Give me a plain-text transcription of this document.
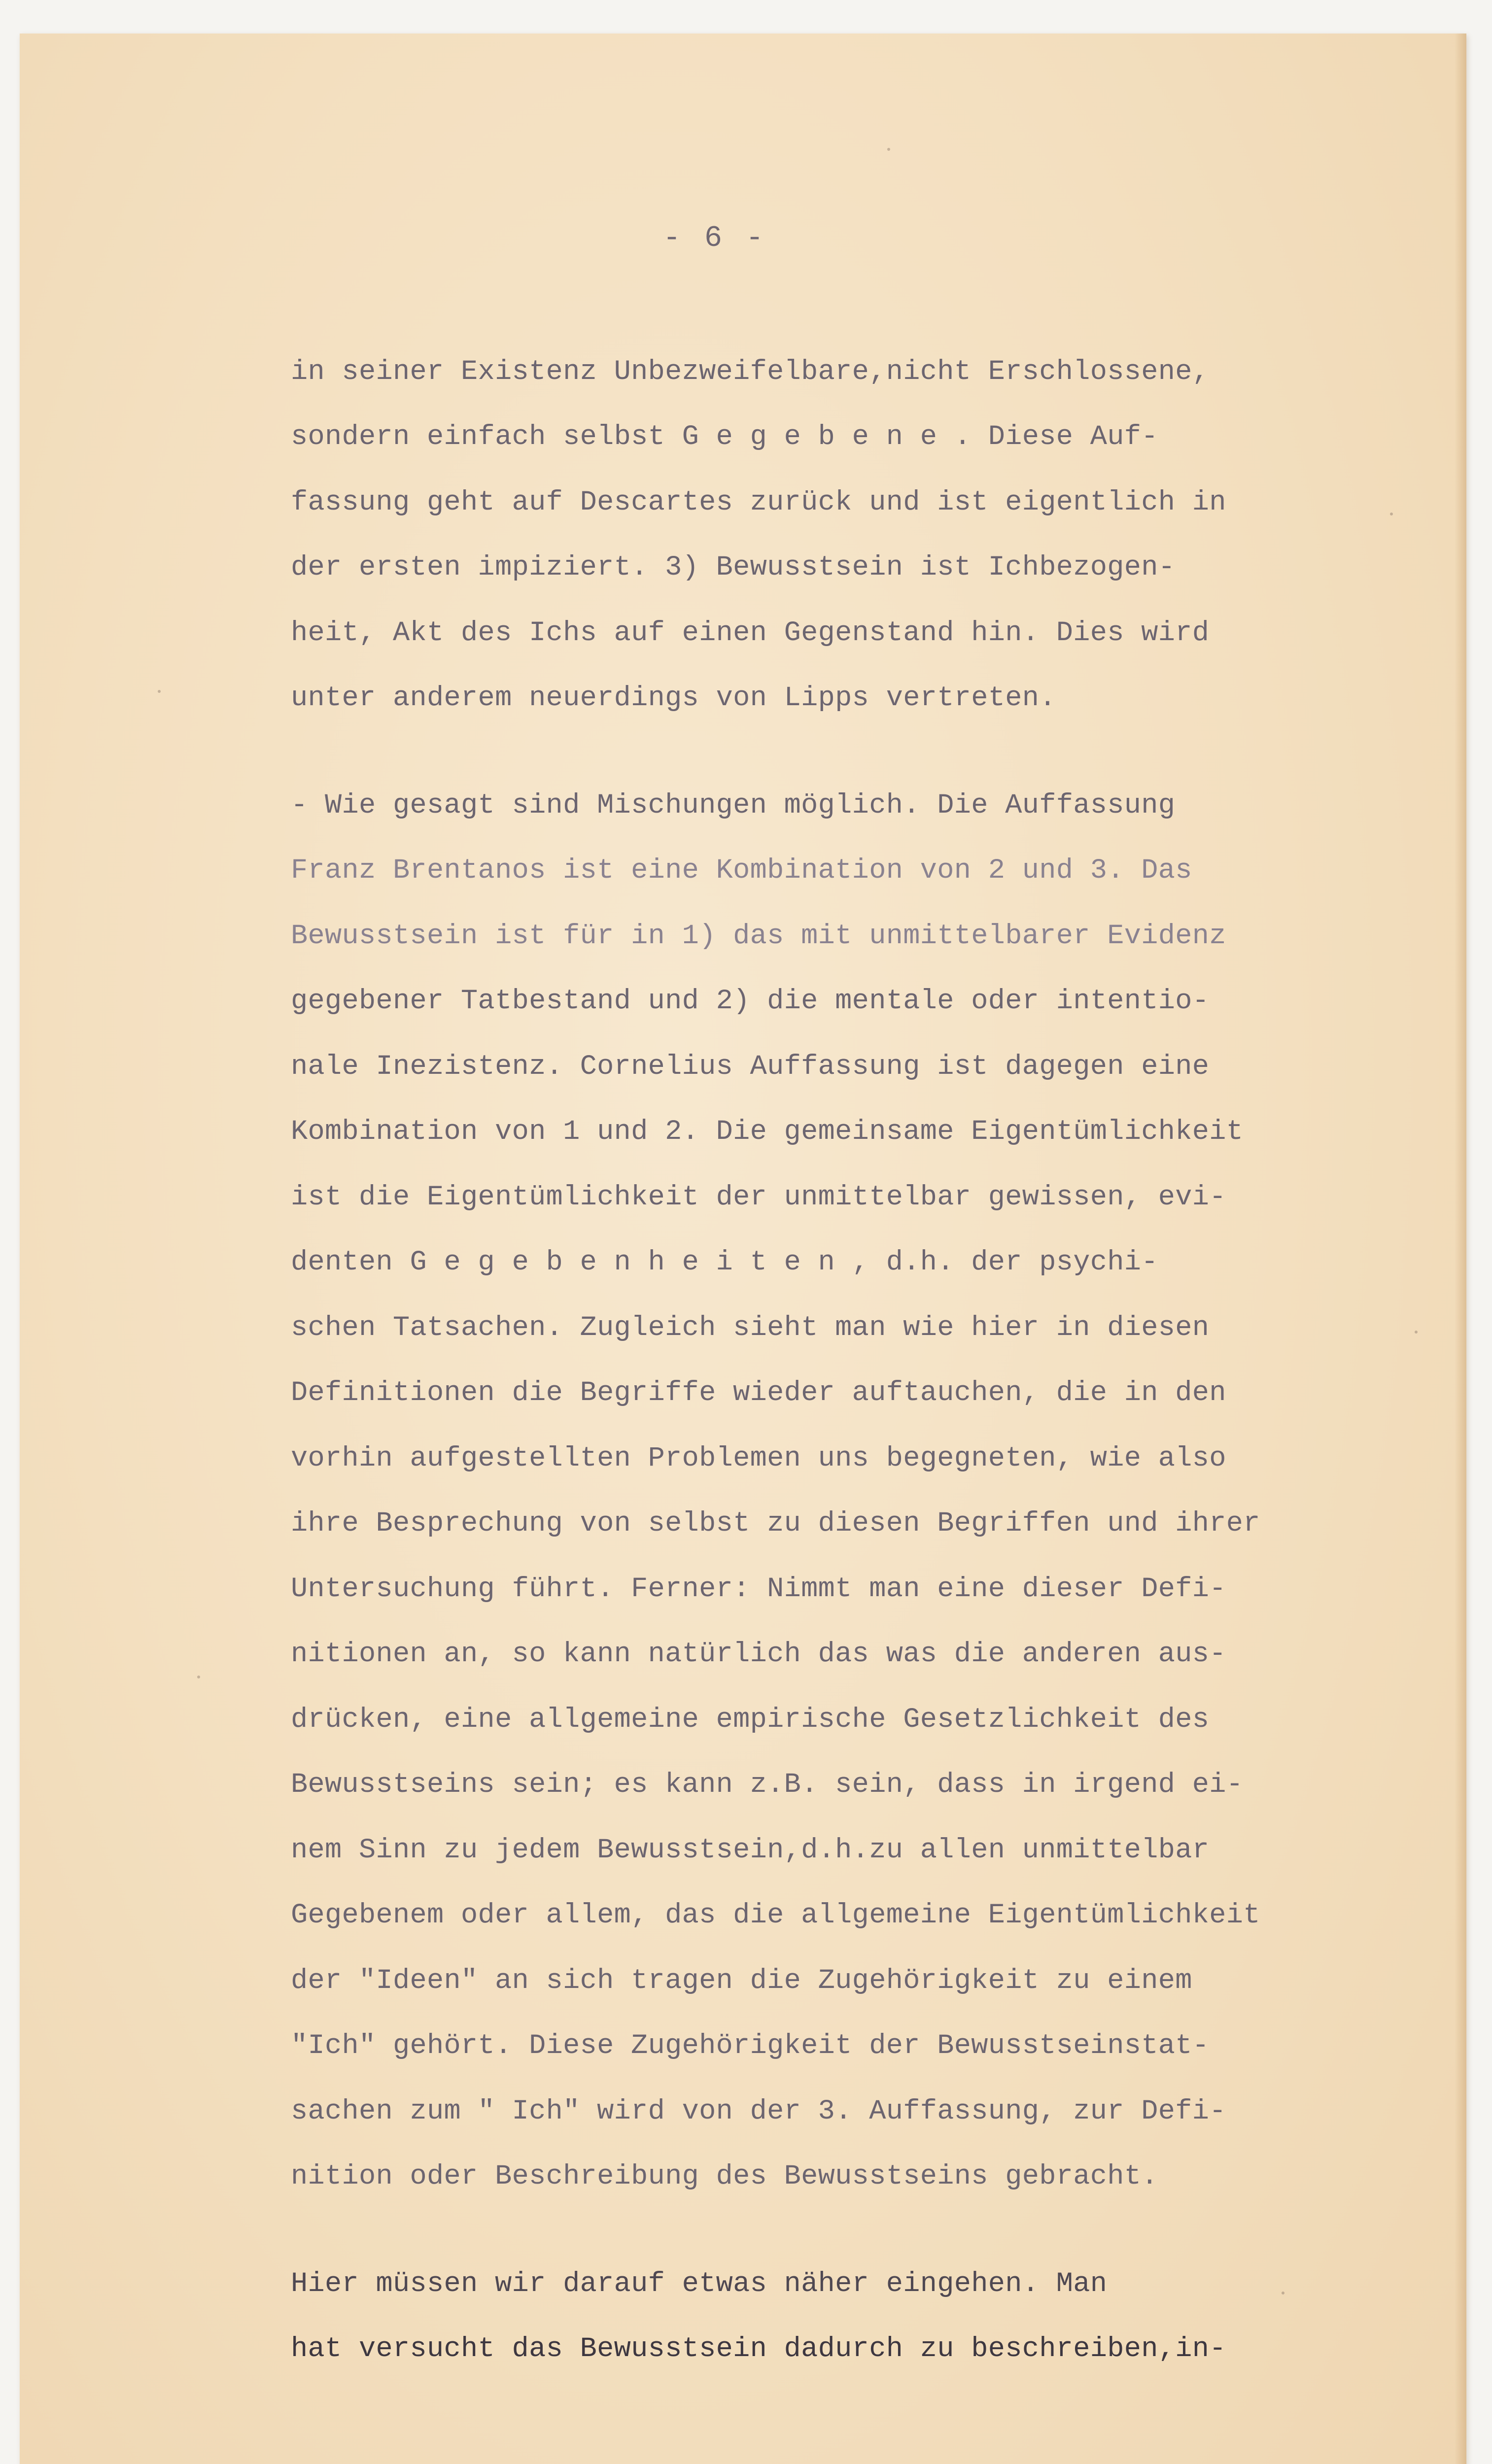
- 6 -
in seiner Existenz Unbezweifelbare,nicht Erschlossene,
sondern einfach selbst G e g e b e n e . Diese Auf-
fassung geht auf Descartes zurück und ist eigentlich in
der ersten impiziert. 3) Bewusstsein ist Ichbezogen-
heit, Akt des Ichs auf einen Gegenstand hin. Dies wird
unter anderem neuerdings von Lipps vertreten.
- Wie gesagt sind Mischungen möglich. Die Auffassung
Franz Brentanos ist eine Kombination von 2 und 3. Das
Bewusstsein ist für in 1) das mit unmittelbarer Evidenz
gegebener Tatbestand und 2) die mentale oder intentio-
nale Inezistenz. Cornelius Auffassung ist dagegen eine
Kombination von 1 und 2. Die gemeinsame Eigentümlichkeit
ist die Eigentümlichkeit der unmittelbar gewissen, evi-
denten G e g e b e n h e i t e n , d.h. der psychi-
schen Tatsachen. Zugleich sieht man wie hier in diesen
Definitionen die Begriffe wieder auftauchen, die in den
vorhin aufgestellten Problemen uns begegneten, wie also
ihre Besprechung von selbst zu diesen Begriffen und ihrer
Untersuchung führt. Ferner: Nimmt man eine dieser Defi-
nitionen an, so kann natürlich das was die anderen aus-
drücken, eine allgemeine empirische Gesetzlichkeit des
Bewusstseins sein; es kann z.B. sein, dass in irgend ei-
nem Sinn zu jedem Bewusstsein,d.h.zu allen unmittelbar
Gegebenem oder allem, das die allgemeine Eigentümlichkeit
der "Ideen" an sich tragen die Zugehörigkeit zu einem
"Ich" gehört. Diese Zugehörigkeit der Bewusstseinstat-
sachen zum " Ich" wird von der 3. Auffassung, zur Defi-
nition oder Beschreibung des Bewusstseins gebracht.
Hier müssen wir darauf etwas näher eingehen. Man
hat versucht das Bewusstsein dadurch zu beschreiben,in-
